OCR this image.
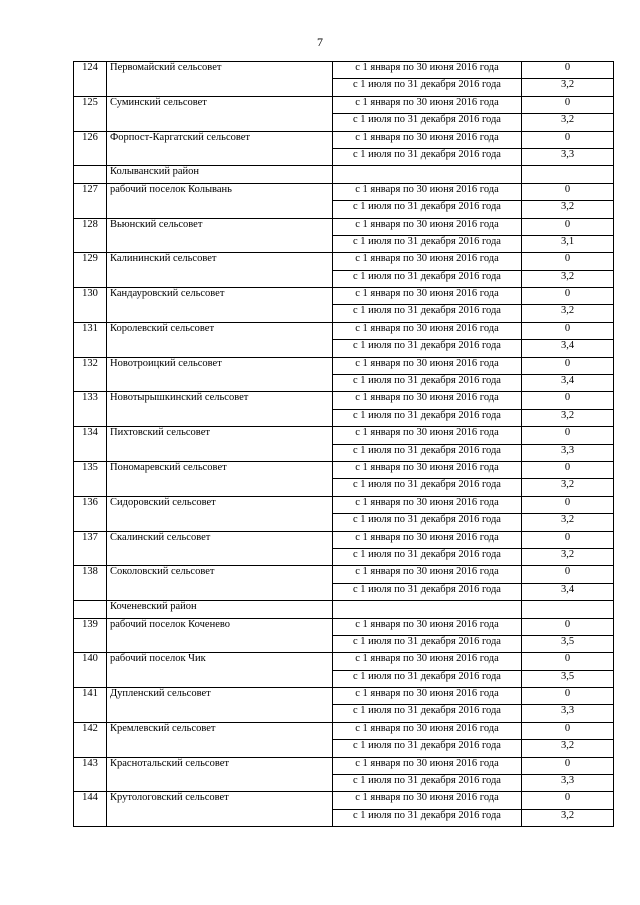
7
124	Первомайский сельсовет	с 1 января по 30 июня 2016 года	0
		с 1 июля по 31 декабря 2016 года	3,2
125	Суминский сельсовет	с 1 января по 30 июня 2016 года	0
		с 1 июля по 31 декабря 2016 года	3,2
126	Форпост-Каргатский сельсовет	с 1 января по 30 июня 2016 года	0
		с 1 июля по 31 декабря 2016 года	3,3
	Колыванский район		
127	рабочий поселок Колывань	с 1 января по 30 июня 2016 года	0
		с 1 июля по 31 декабря 2016 года	3,2
128	Вьюнский сельсовет	с 1 января по 30 июня 2016 года	0
		с 1 июля по 31 декабря 2016 года	3,1
129	Калининский сельсовет	с 1 января по 30 июня 2016 года	0
		с 1 июля по 31 декабря 2016 года	3,2
130	Кандауровский сельсовет	с 1 января по 30 июня 2016 года	0
		с 1 июля по 31 декабря 2016 года	3,2
131	Королевский сельсовет	с 1 января по 30 июня 2016 года	0
		с 1 июля по 31 декабря 2016 года	3,4
132	Новотроицкий сельсовет	с 1 января по 30 июня 2016 года	0
		с 1 июля по 31 декабря 2016 года	3,4
133	Новотырышкинский сельсовет	с 1 января по 30 июня 2016 года	0
		с 1 июля по 31 декабря 2016 года	3,2
134	Пихтовский сельсовет	с 1 января по 30 июня 2016 года	0
		с 1 июля по 31 декабря 2016 года	3,3
135	Пономаревский сельсовет	с 1 января по 30 июня 2016 года	0
		с 1 июля по 31 декабря 2016 года	3,2
136	Сидоровский сельсовет	с 1 января по 30 июня 2016 года	0
		с 1 июля по 31 декабря 2016 года	3,2
137	Скалинский сельсовет	с 1 января по 30 июня 2016 года	0
		с 1 июля по 31 декабря 2016 года	3,2
138	Соколовский сельсовет	с 1 января по 30 июня 2016 года	0
		с 1 июля по 31 декабря 2016 года	3,4
	Коченевский район		
139	рабочий поселок Коченево	с 1 января по 30 июня 2016 года	0
		с 1 июля по 31 декабря 2016 года	3,5
140	рабочий поселок Чик	с 1 января по 30 июня 2016 года	0
		с 1 июля по 31 декабря 2016 года	3,5
141	Дупленский сельсовет	с 1 января по 30 июня 2016 года	0
		с 1 июля по 31 декабря 2016 года	3,3
142	Кремлевский сельсовет	с 1 января по 30 июня 2016 года	0
		с 1 июля по 31 декабря 2016 года	3,2
143	Краснотальский сельсовет	с 1 января по 30 июня 2016 года	0
		с 1 июля по 31 декабря 2016 года	3,3
144	Крутологовский сельсовет	с 1 января по 30 июня 2016 года	0
		с 1 июля по 31 декабря 2016 года	3,2
